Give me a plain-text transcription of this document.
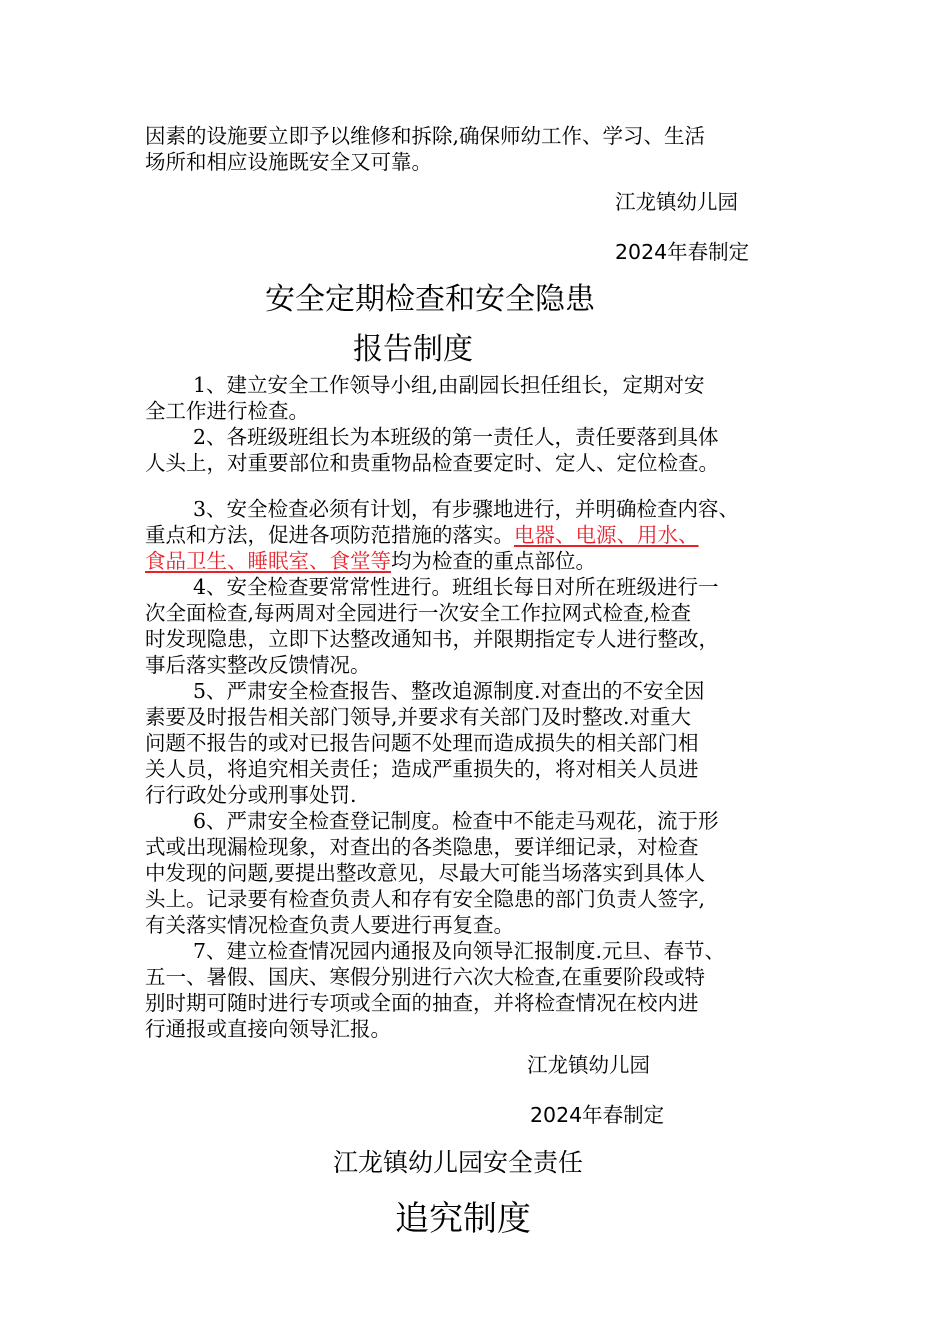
因素的设施要立即予以维修和拆除,确保师幼工作、学习、生活
场所和相应设施既安全又可靠。
江龙镇幼儿园
2024年春制定
安全定期检查和安全隐患
报告制度
1、建立安全工作领导小组,由副园长担任组长，定期对安
全工作进行检查。
2、各班级班组长为本班级的第一责任人，责任要落到具体
人头上，对重要部位和贵重物品检查要定时、定人、定位检查。
3、安全检查必须有计划，有步骤地进行，并明确检查内容、
重点和方法，促进各项防范措施的落实。电器、电源、用水、
食品卫生、睡眠室、食堂等均为检查的重点部位。
4、安全检查要常常性进行。班组长每日对所在班级进行一
次全面检查,每两周对全园进行一次安全工作拉网式检查,检查
时发现隐患，立即下达整改通知书，并限期指定专人进行整改，
事后落实整改反馈情况。
5、严肃安全检查报告、整改追源制度.对查出的不安全因
素要及时报告相关部门领导,并要求有关部门及时整改.对重大
问题不报告的或对已报告问题不处理而造成损失的相关部门相
关人员，将追究相关责任；造成严重损失的，将对相关人员进
行行政处分或刑事处罚.
6、严肃安全检查登记制度。检查中不能走马观花，流于形
式或出现漏检现象，对查出的各类隐患，要详细记录，对检查
中发现的问题,要提出整改意见，尽最大可能当场落实到具体人
头上。记录要有检查负责人和存有安全隐患的部门负责人签字,
有关落实情况检查负责人要进行再复查。
7、建立检查情况园内通报及向领导汇报制度.元旦、春节、
五一、暑假、国庆、寒假分别进行六次大检查,在重要阶段或特
别时期可随时进行专项或全面的抽查，并将检查情况在校内进
行通报或直接向领导汇报。
江龙镇幼儿园
2024年春制定
江龙镇幼儿园安全责任
追究制度
